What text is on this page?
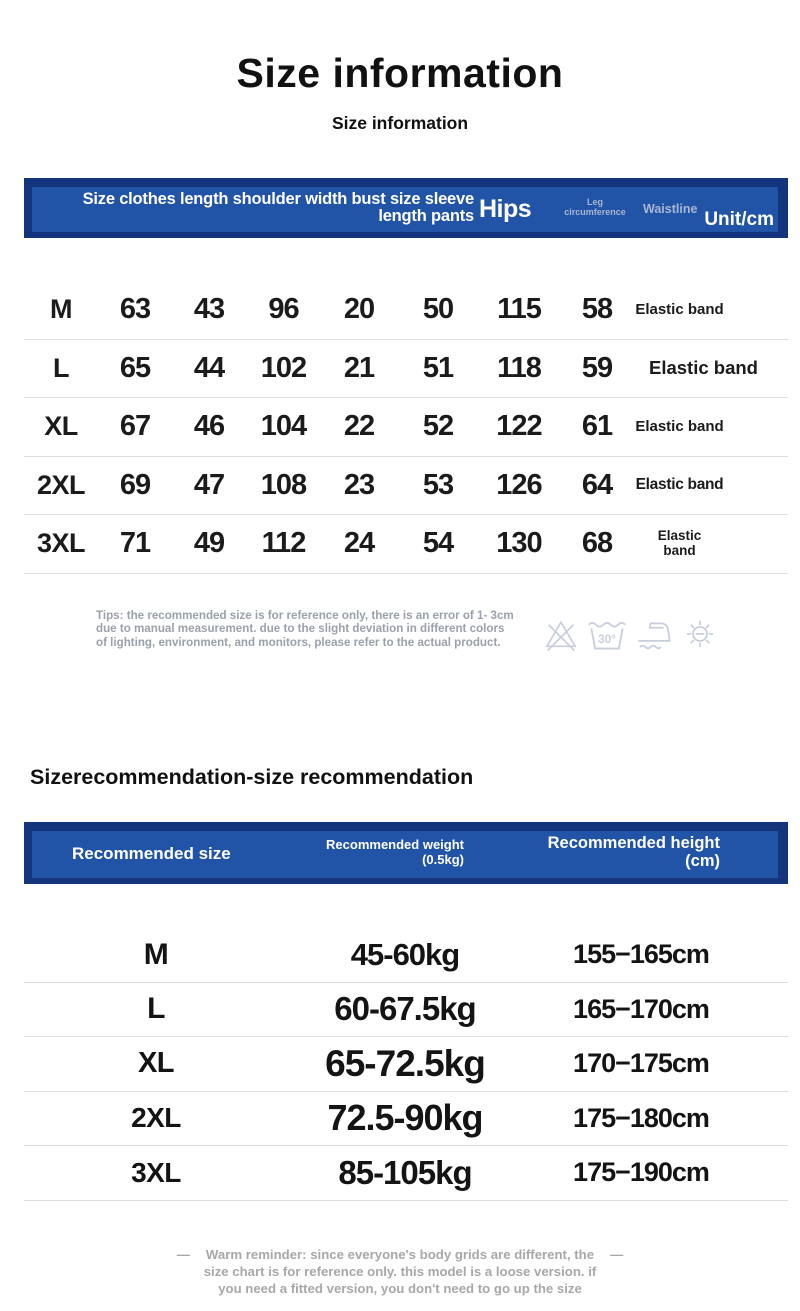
Size information
Size information
Size clothes length shoulder width bust size sleeve
length pants Hips	Leg
circumference	Waistline Unit/cm
M	63	43	96	20	50	115	58	Elastic band
L	65	44	102	21	51	118	59	Elastic band
XL	67	46	104	22	52	122	61	Elastic band
2XL	69	47	108	23	53	126	64	Elastic band
3XL	71	49	112	24	54	130	68	Elastic band
Tips: the recommended size is for reference only, there is an error of 1- 3cm
due to manual measurement. due to the slight deviation in different colors
of lighting, environment, and monitors, please refer to the actual product.	30°
Sizerecommendation-size recommendation
Recommended size	Recommended weight
(0.5kg)
Recommended height
(cm)
M	45-60kg	155−165cm
L	60-67.5kg	165−170cm
XL	65-72.5kg	170−175cm
2XL	72.5-90kg	175−180cm
3XL	85-105kg	175−190cm
— Warm reminder: since everyone's body grids are different, the —
size chart is for reference only. this model is a loose version. if
you need a fitted version, you don't need to go up the size
